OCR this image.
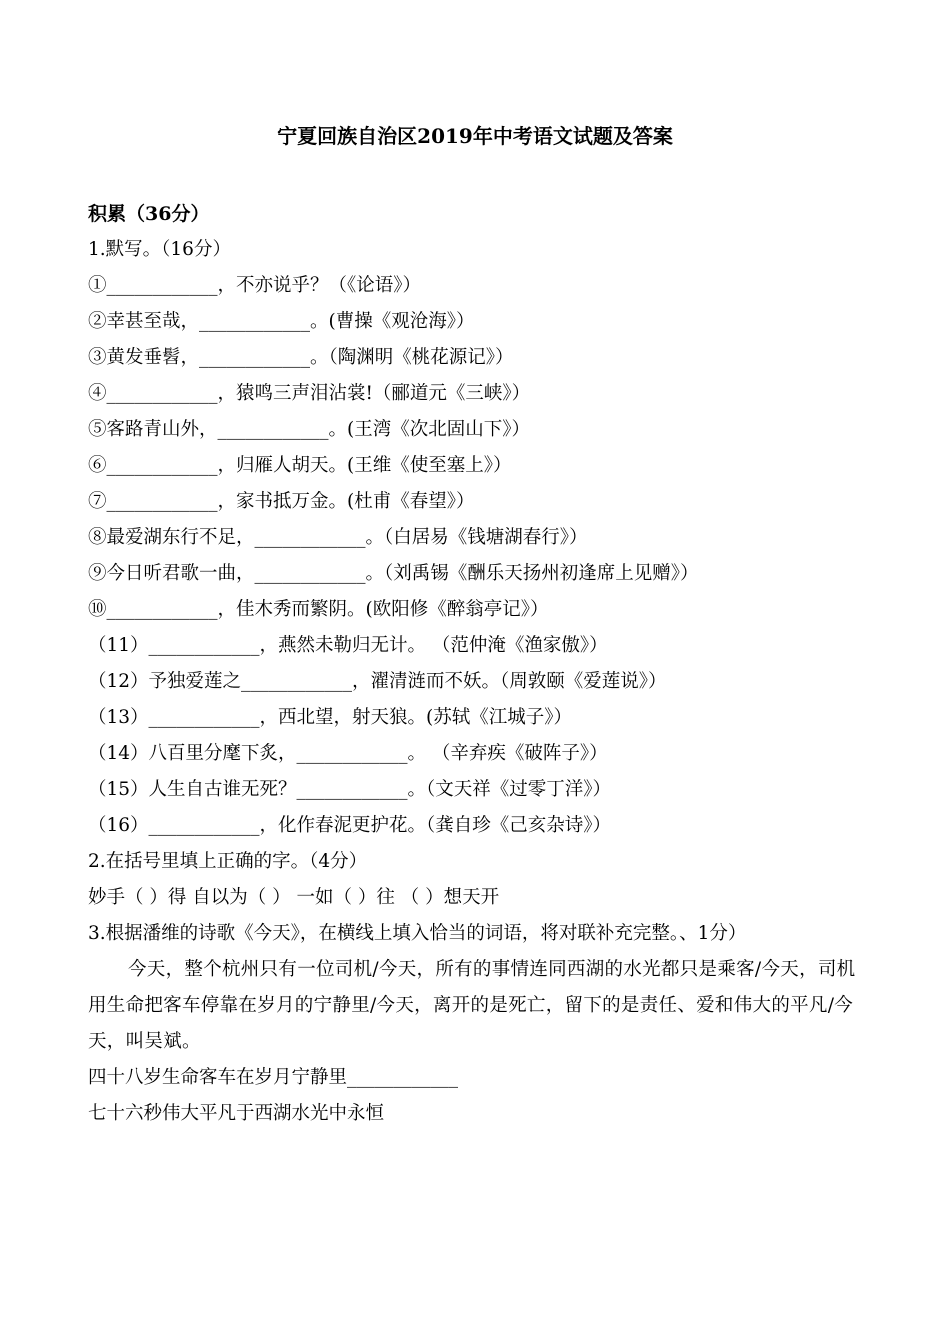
宁夏回族自治区2019年中考语文试题及答案
积累（36分）
1.默写。（16分）
①____________，不亦说乎？（《论语》）
②幸甚至哉，____________。(曹操《观沧海》）
③黄发垂髫，____________。（陶渊明《桃花源记》）
④____________，猿鸣三声泪沾裳!（郦道元《三峡》）
⑤客路青山外，____________。(王湾《次北固山下》）
⑥____________，归雁人胡天。(王维《使至塞上》）
⑦____________，家书抵万金。(杜甫《春望》）
⑧最爱湖东行不足，____________。（白居易《钱塘湖春行》）
⑨今日听君歌一曲，____________。（刘禹锡《酬乐天扬州初逢席上见赠》）
⑩____________，佳木秀而繁阴。(欧阳修《醉翁亭记》）
（11）____________，燕然未勒归无计。 （范仲淹《渔家傲》）
（12）予独爱莲之____________，濯清涟而不妖。（周敦颐《爱莲说》）
（13）____________，西北望，射天狼。(苏轼《江城子》）
（14）八百里分麾下炙，____________。 （辛弃疾《破阵子》）
（15）人生自古谁无死？____________。（文天祥《过零丁洋》）
（16）____________，化作春泥更护花。（龚自珍《己亥杂诗》）
2.在括号里填上正确的字。（4分）
妙手（ ）得 自以为（ ） 一如（ ）往 （ ）想天开
3.根据潘维的诗歌《今天》，在横线上填入恰当的词语，将对联补充完整。、1分）
今天，整个杭州只有一位司机/今天，所有的事情连同西湖的水光都只是乘客/今天，司机用生命把客车停靠在岁月的宁静里/今天，离开的是死亡，留下的是责任、爱和伟大的平凡/今天，叫吴斌。
四十八岁生命客车在岁月宁静里____________
七十六秒伟大平凡于西湖水光中永恒
